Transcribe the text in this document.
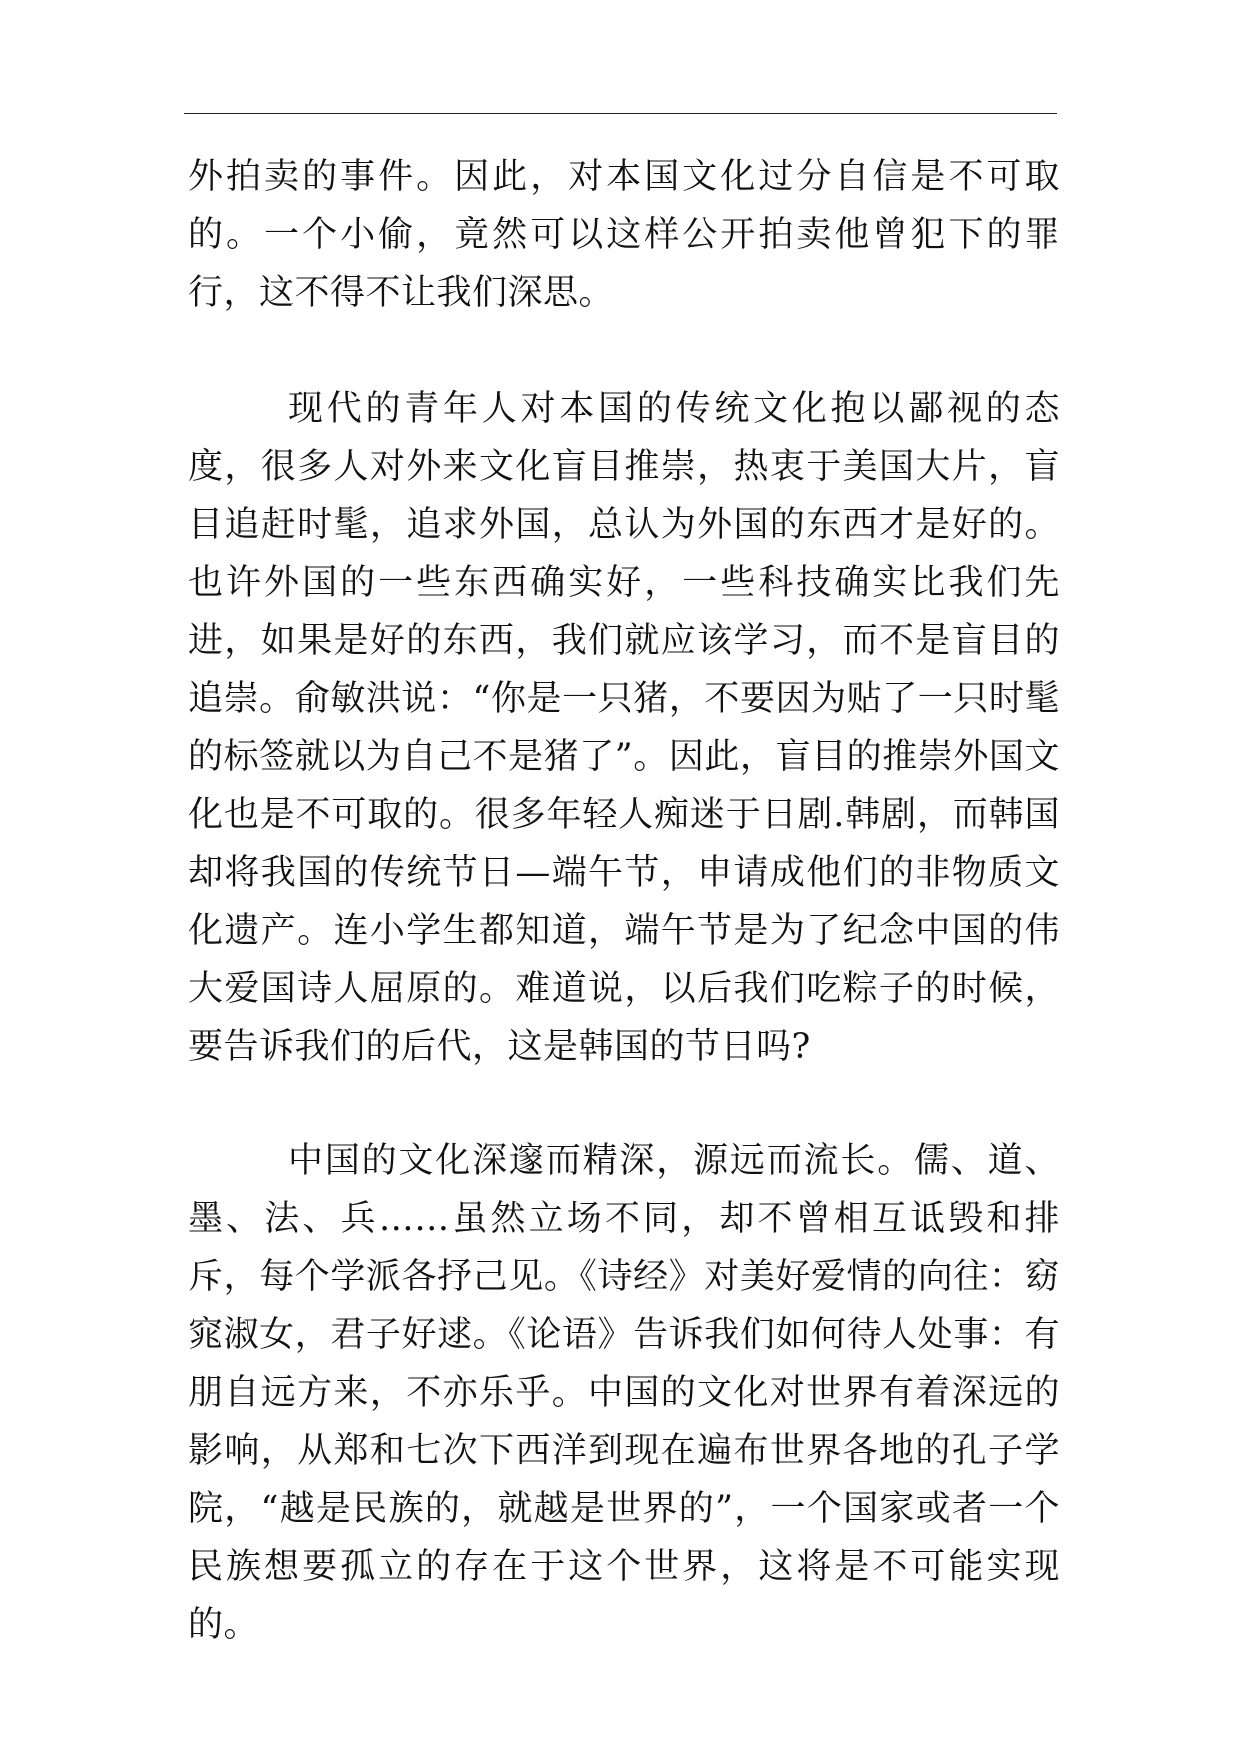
外拍卖的事件。因此，对本国文化过分自信是不可取的。一个小偷，竟然可以这样公开拍卖他曾犯下的罪行，这不得不让我们深思。

现代的青年人对本国的传统文化抱以鄙视的态度，很多人对外来文化盲目推崇，热衷于美国大片，盲目追赶时髦，追求外国，总认为外国的东西才是好的。也许外国的一些东西确实好，一些科技确实比我们先进，如果是好的东西，我们就应该学习，而不是盲目的追崇。俞敏洪说：“你是一只猪，不要因为贴了一只时髦的标签就以为自己不是猪了”。因此，盲目的推崇外国文化也是不可取的。很多年轻人痴迷于日剧.韩剧，而韩国却将我国的传统节日—端午节，申请成他们的非物质文化遗产。连小学生都知道，端午节是为了纪念中国的伟大爱国诗人屈原的。难道说，以后我们吃粽子的时候，要告诉我们的后代，这是韩国的节日吗?

中国的文化深邃而精深，源远而流长。儒、道、墨、法、兵……虽然立场不同，却不曾相互诋毁和排斥，每个学派各抒己见。《诗经》对美好爱情的向往：窈窕淑女，君子好逑。《论语》告诉我们如何待人处事：有朋自远方来，不亦乐乎。中国的文化对世界有着深远的影响，从郑和七次下西洋到现在遍布世界各地的孔子学院，“越是民族的，就越是世界的”，一个国家或者一个民族想要孤立的存在于这个世界，这将是不可能实现的。
